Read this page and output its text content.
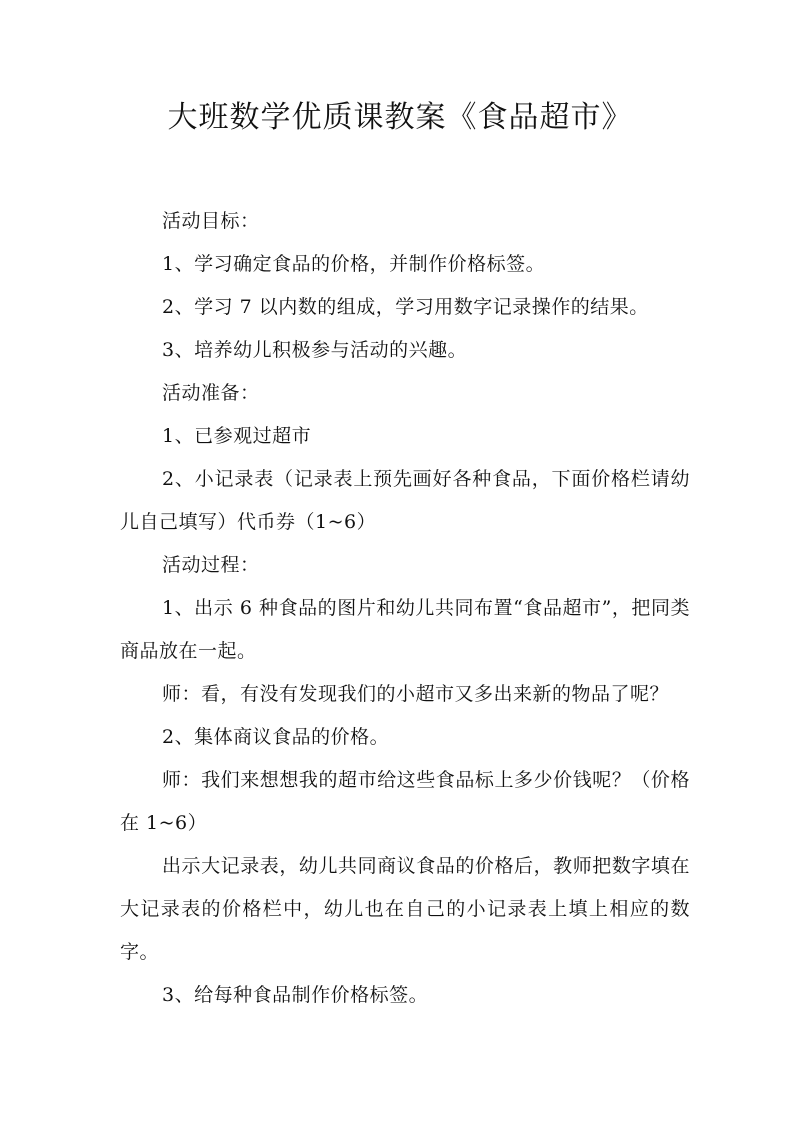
大班数学优质课教案《食品超市》

活动目标：

1、学习确定食品的价格，并制作价格标签。

2、学习 7 以内数的组成，学习用数字记录操作的结果。

3、培养幼儿积极参与活动的兴趣。

活动准备：

1、已参观过超市

2、小记录表（记录表上预先画好各种食品，下面价格栏请幼儿自己填写）代币券（1~6）

活动过程：

1、出示 6 种食品的图片和幼儿共同布置“食品超市”，把同类商品放在一起。

师：看，有没有发现我们的小超市又多出来新的物品了呢？

2、集体商议食品的价格。

师：我们来想想我的超市给这些食品标上多少价钱呢？（价格在 1~6）

出示大记录表，幼儿共同商议食品的价格后，教师把数字填在大记录表的价格栏中，幼儿也在自己的小记录表上填上相应的数字。

3、给每种食品制作价格标签。
